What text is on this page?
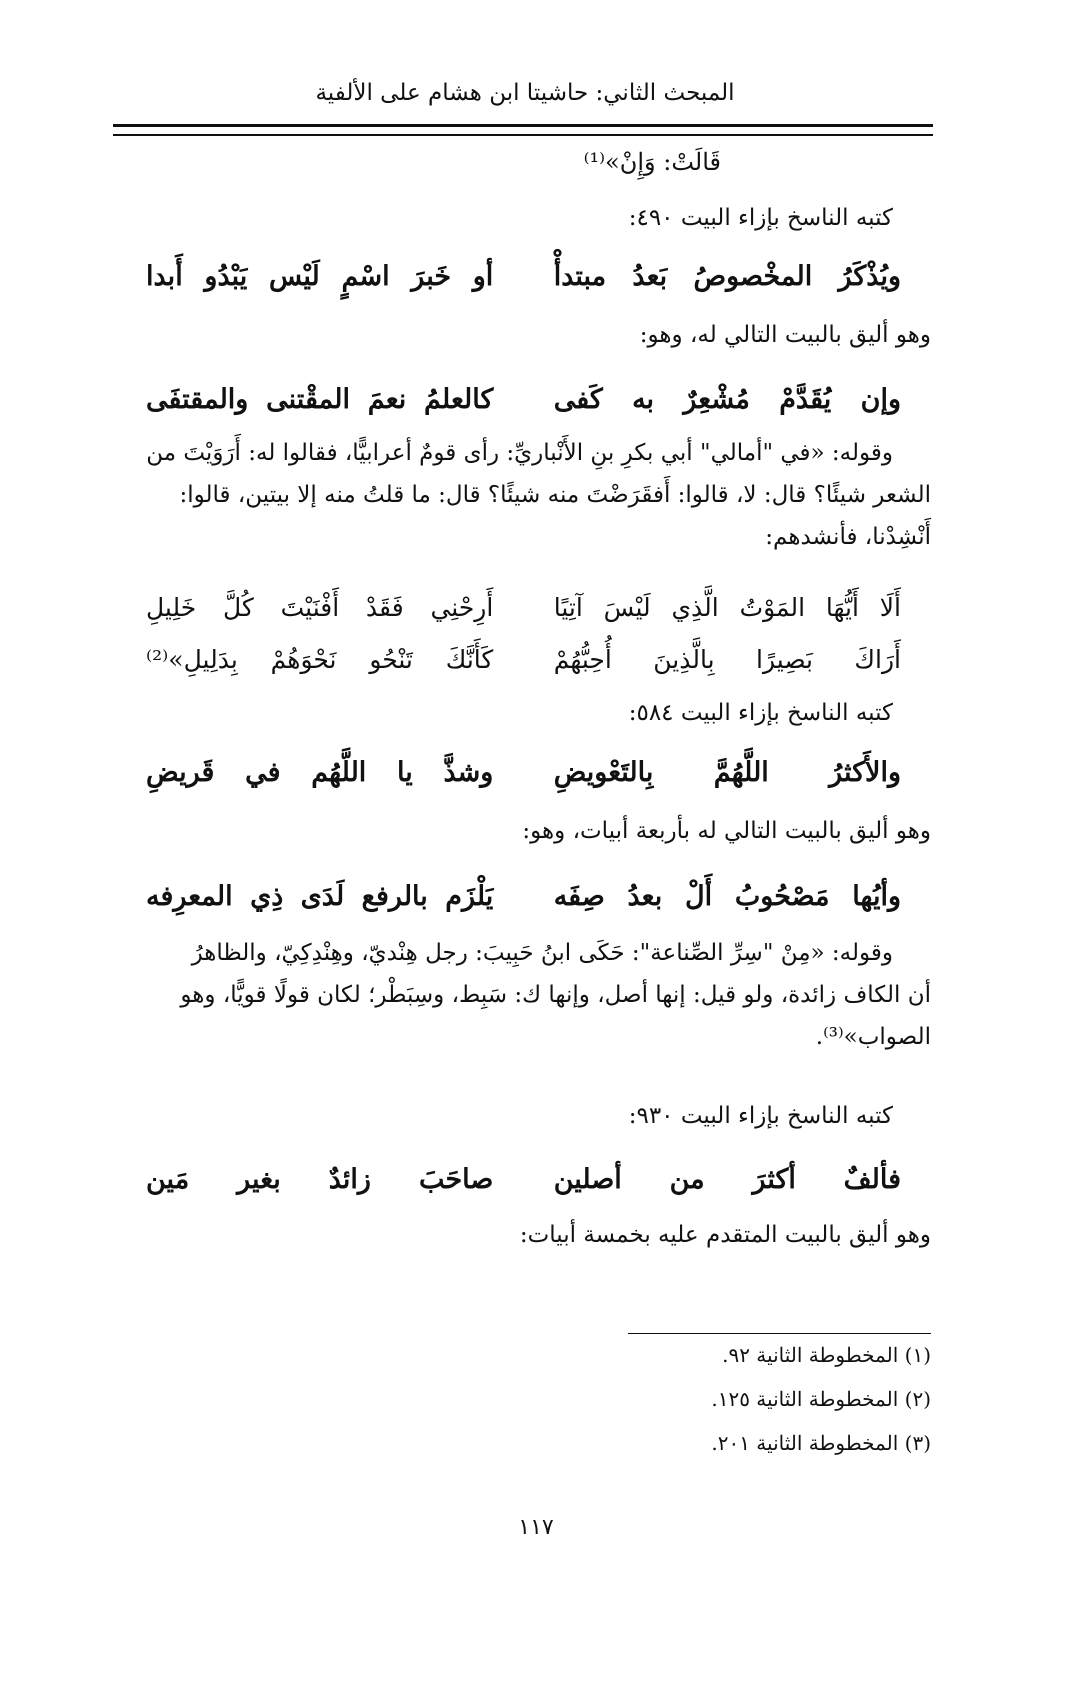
المبحث الثاني: حاشيتا ابن هشام على الألفية
قَالَتْ: وَإِنْ»⁽¹⁾
كتبه الناسخ بإزاء البيت ٤٩٠:
ويُذْكَرُ المخْصوصُ بَعدُ مبتدأْ
أو خَبرَ اسْمٍ لَيْس يَبْدُو أَبدا
وهو أليق بالبيت التالي له، وهو:
وإن يُقَدَّمْ مُشْعِرٌ به كَفى
كالعلمُ نعمَ المقْتنى والمقتفَى
وقوله: «في "أمالي" أبي بكرِ بنِ الأَنْباريِّ: رأى قومٌ أعرابيًّا، فقالوا له: أَرَوَيْتَ من
الشعر شيئًا؟ قال: لا، قالوا: أَفقَرَضْتَ منه شيئًا؟ قال: ما قلتُ منه إلا بيتين، قالوا:
أَنْشِدْنا، فأنشدهم:
أَلَا أَيُّهَا المَوْتُ الَّذِي لَيْسَ آتِيًا
أَرِحْنِي فَقَدْ أَفْنَيْتَ كُلَّ خَلِيلِ
أَرَاكَ بَصِيرًا بِالَّذِينَ أُحِبُّهُمْ
كَأَنَّكَ تَنْحُو نَحْوَهُمْ بِدَلِيلِ»⁽²⁾
كتبه الناسخ بإزاء البيت ٥٨٤:
والأَكثرُ اللَّهُمَّ بِالتَعْويضِ
وشذَّ يا اللَّهُم في قَريضِ
وهو أليق بالبيت التالي له بأربعة أبيات، وهو:
وأيُها مَصْحُوبُ أَلْ بعدُ صِفَه
يَلْزَم بالرفع لَدَى ذِي المعرِفه
وقوله: «مِنْ "سِرِّ الصِّناعة": حَكَى ابنُ حَبِيبَ: رجل هِنْديّ، وهِنْدِكِيّ، والظاهرُ
أن الكاف زائدة، ولو قيل: إنها أصل، وإنها ك: سَبِط، وسِبَطْر؛ لكان قولًا قويًّا، وهو
الصواب»⁽³⁾.
كتبه الناسخ بإزاء البيت ٩٣٠:
فألفٌ أكثرَ من أصلين
صاحَبَ زائدٌ بغير مَين
وهو أليق بالبيت المتقدم عليه بخمسة أبيات:
(١) المخطوطة الثانية ٩٢.
(٢) المخطوطة الثانية ١٢٥.
(٣) المخطوطة الثانية ٢٠١.
١١٧
